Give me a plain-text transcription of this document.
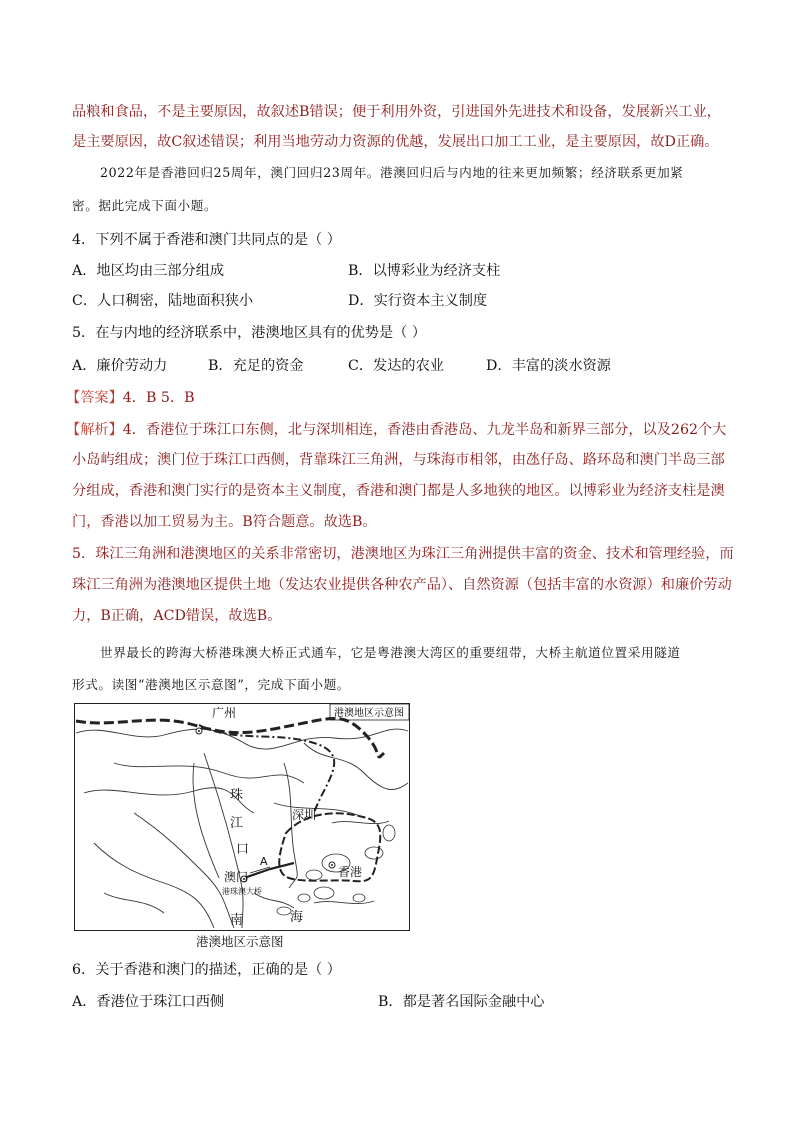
品粮和食品，不是主要原因，故叙述B错误；便于利用外资，引进国外先进技术和设备，发展新兴工业，
是主要原因，故C叙述错误；利用当地劳动力资源的优越，发展出口加工工业，是主要原因，故D正确。
2022年是香港回归25周年，澳门回归23周年。港澳回归后与内地的往来更加频繁；经济联系更加紧
密。据此完成下面小题。
4．下列不属于香港和澳门共同点的是（ ）
A．地区均由三部分组成	B．以博彩业为经济支柱
C．人口稠密，陆地面积狭小	D．实行资本主义制度
5．在与内地的经济联系中，港澳地区具有的优势是（ ）
A．廉价劳动力	B．充足的资金	C．发达的农业	D．丰富的淡水资源
【答案】4．B 5．B
【解析】4．香港位于珠江口东侧，北与深圳相连，香港由香港岛、九龙半岛和新界三部分，以及262个大
小岛屿组成；澳门位于珠江口西侧，背靠珠江三角洲，与珠海市相邻，由氹仔岛、路环岛和澳门半岛三部
分组成，香港和澳门实行的是资本主义制度，香港和澳门都是人多地狭的地区。以博彩业为经济支柱是澳
门，香港以加工贸易为主。B符合题意。故选B。
5．珠江三角洲和港澳地区的关系非常密切，港澳地区为珠江三角洲提供丰富的资金、技术和管理经验，而
珠江三角洲为港澳地区提供土地（发达农业提供各种农产品）、自然资源（包括丰富的水资源）和廉价劳动
力，B正确，ACD错误，故选B。
世界最长的跨海大桥港珠澳大桥正式通车，它是粤港澳大湾区的重要纽带，大桥主航道位置采用隧道
形式。读图“港澳地区示意图”，完成下面小题。
港澳地区示意图
广州
珠
江
口
深圳
A
澳门	香港
港珠澳大桥
南	海
港澳地区示意图
6．关于香港和澳门的描述，正确的是（ ）
A．香港位于珠江口西侧	B．都是著名国际金融中心
